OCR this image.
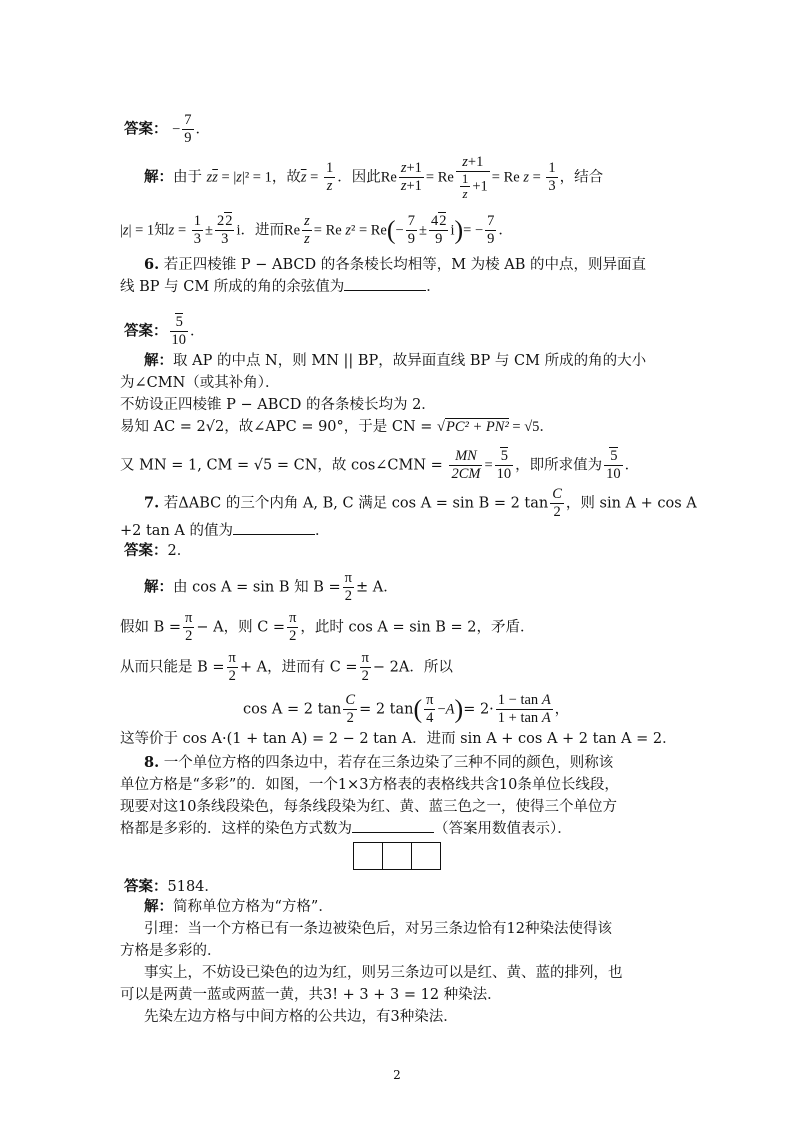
答案： − $\frac{7}{9}$ ．
解：由于 $z\overline{z} = |z|^2 = 1$，故$\overline{z} = \frac{1}{z}$ ．因此Re $\frac{z+1}{\overline{z}+1} = Re \frac{z+1}{\frac{1}{z} +1} = Re$ $z = \frac{1}{3}$ ，结合
|z| = 1知$z = \frac{1}{3} \pm \frac{22}{3}$ i．进而Re $\frac{z}{z} = Re$ $z^2 = Re(- \frac{7}{9} \pm \frac{42}{9} i)= - \frac{7}{9}$ ．
6. 若正四棱锥 P − ABCD 的各条棱长均相等，M 为棱 AB 的中点，则异面直
线 BP 与 CM 所成的角的余弦值为	．
答案： $\frac{5}{10}$ ．
解：取 AP 的中点 N，则 MN || BP，故异面直线 BP 与 CM 所成的角的大小
为∠CMN（或其补角）．
不妨设正四棱锥 P − ABCD 的各条棱长均为 2．
易知 AC = 2√2，故∠APC = 90°，于是 CN = √PC² + PN² = √5．
又 MN = 1, CM = √5 = CN，故 cos∠CMN = $\frac{MN}{2CM} = \frac{5}{10}$ ，即所求值为 $\frac{5}{10}$ ．
7. 若ΔABC 的三个内角 A, B, C 满足 cos A = sin B = 2 $\tan \frac{C}{2}$ ，则 sin A + cos A
+2 tan A 的值为	．
答案：2．
解：由 cos A = sin B 知 $B = \frac{\pi}{2} \pm A$．
假如 $B = \frac{\pi}{2} - A$，则 $C = \frac{\pi}{2}$ ，此时 cos A = sin B = 2，矛盾．
从而只能是 $B = \frac{\pi}{2} + A$，进而有 $C = \frac{\pi}{2} - 2A$．所以
cos A = 2 $\tan \frac{C}{2} = 2$ $\tan( \frac{\pi}{4} -A)= 2\cdot \frac{\text{1 − tan A}}{\text{1 + tan A}}$ ，
这等价于 cos A·(1 + tan A) = 2 − 2 tan A．进而 sin A + cos A + 2 tan A = 2．
8. 一个单位方格的四条边中，若存在三条边染了三种不同的颜色，则称该
单位方格是“多彩”的．如图，一个1×3方格表的表格线共含10条单位长线段，
现要对这10条线段染色，每条线段染为红、黄、蓝三色之一，使得三个单位方
格都是多彩的．这样的染色方式数为	（答案用数值表示）．
答案：5184．
解：简称单位方格为“方格”．
引理：当一个方格已有一条边被染色后，对另三条边恰有12种染法使得该
方格是多彩的．
事实上，不妨设已染色的边为红，则另三条边可以是红、黄、蓝的排列，也
可以是两黄一蓝或两蓝一黄，共3! + 3 + 3 = 12 种染法．
先染左边方格与中间方格的公共边，有3种染法．
2
